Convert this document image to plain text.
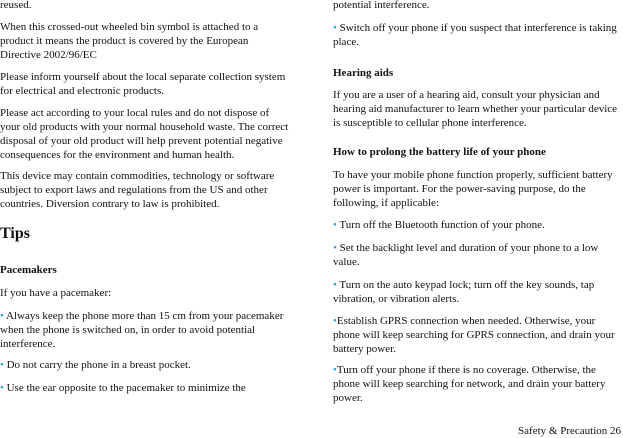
reused.

When this crossed-out wheeled bin symbol is attached to a product it means the product is covered by the European Directive 2002/96/EC

Please inform yourself about the local separate collection system for electrical and electronic products.

Please act according to your local rules and do not dispose of your old products with your normal household waste. The correct disposal of your old product will help prevent potential negative consequences for the environment and human health.

This device may contain commodities, technology or software subject to export laws and regulations from the US and other countries. Diversion contrary to law is prohibited.

Tips

Pacemakers

If you have a pacemaker:

• Always keep the phone more than 15 cm from your pacemaker when the phone is switched on, in order to avoid potential interference.

• Do not carry the phone in a breast pocket.

• Use the ear opposite to the pacemaker to minimize the

potential interference.

• Switch off your phone if you suspect that interference is taking place.

Hearing aids

If you are a user of a hearing aid, consult your physician and hearing aid manufacturer to learn whether your particular device is susceptible to cellular phone interference.

How to prolong the battery life of your phone

To have your mobile phone function properly, sufficient battery power is important. For the power-saving purpose, do the following, if applicable:

• Turn off the Bluetooth function of your phone.

• Set the backlight level and duration of your phone to a low value.

• Turn on the auto keypad lock; turn off the key sounds, tap vibration, or vibration alerts.

•Establish GPRS connection when needed. Otherwise, your phone will keep searching for GPRS connection, and drain your battery power.

•Turn off your phone if there is no coverage. Otherwise, the phone will keep searching for network, and drain your battery power.

Safety & Precaution 26
